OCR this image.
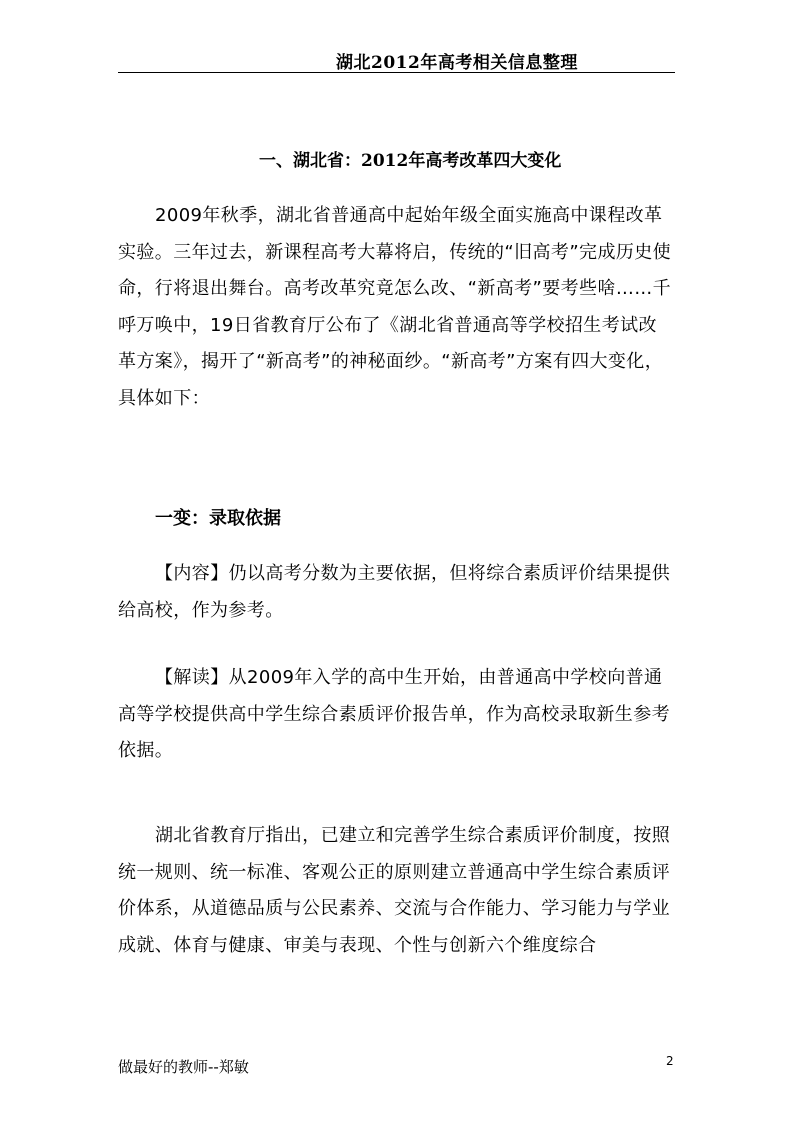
湖北2012年高考相关信息整理
一、湖北省：2012年高考改革四大变化

2009年秋季，湖北省普通高中起始年级全面实施高中课程改革实验。三年过去，新课程高考大幕将启，传统的“旧高考”完成历史使命，行将退出舞台。高考改革究竟怎么改、“新高考”要考些啥……千呼万唤中，19日省教育厅公布了《湖北省普通高等学校招生考试改革方案》，揭开了“新高考”的神秘面纱。“新高考”方案有四大变化，具体如下：

一变：录取依据

【内容】仍以高考分数为主要依据，但将综合素质评价结果提供给高校，作为参考。

【解读】从2009年入学的高中生开始，由普通高中学校向普通高等学校提供高中学生综合素质评价报告单，作为高校录取新生参考依据。

湖北省教育厅指出，已建立和完善学生综合素质评价制度，按照统一规则、统一标准、客观公正的原则建立普通高中学生综合素质评价体系，从道德品质与公民素养、交流与合作能力、学习能力与学业成就、体育与健康、审美与表现、个性与创新六个维度综合

做最好的教师--郑敏	2
